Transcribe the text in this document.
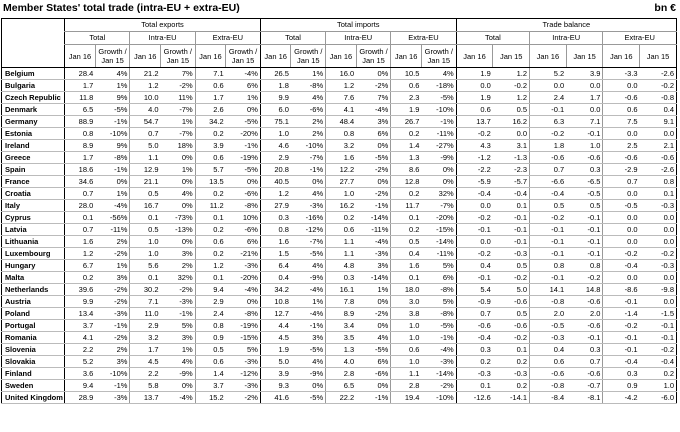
Member States' total trade (intra-EU + extra-EU)	bn €
	Total exports						Total imports						Trade balance					
	Total		Intra-EU		Extra-EU		Total		Intra-EU		Extra-EU		Total		Intra-EU		Extra-EU	
	Jan 16	Growth / Jan 15	Jan 16	Growth / Jan 15	Jan 16	Growth / Jan 15	Jan 16	Growth / Jan 15	Jan 16	Growth / Jan 15	Jan 16	Growth / Jan 15	Jan 16	Jan 15	Jan 16	Jan 15	Jan 16	Jan 15
Belgium	28.4	4%	21.2	7%	7.1	-4%	26.5	1%	16.0	0%	10.5	4%	1.9	1.2	5.2	3.9	-3.3	-2.6
Bulgaria	1.7	1%	1.2	-2%	0.6	6%	1.8	-8%	1.2	-2%	0.6	-18%	0.0	-0.2	0.0	0.0	0.0	-0.2
Czech Republic	11.8	9%	10.0	11%	1.7	1%	9.9	4%	7.6	7%	2.3	-5%	1.9	1.2	2.4	1.7	-0.6	-0.8
Denmark	6.5	-5%	4.0	-7%	2.6	0%	6.0	-6%	4.1	-4%	1.9	-10%	0.6	0.5	-0.1	0.0	0.6	0.4
Germany	88.9	-1%	54.7	1%	34.2	-5%	75.1	2%	48.4	3%	26.7	-1%	13.7	16.2	6.3	7.1	7.5	9.1
Estonia	0.8	-10%	0.7	-7%	0.2	-20%	1.0	2%	0.8	6%	0.2	-11%	-0.2	0.0	-0.2	-0.1	0.0	0.0
Ireland	8.9	9%	5.0	18%	3.9	-1%	4.6	-10%	3.2	0%	1.4	-27%	4.3	3.1	1.8	1.0	2.5	2.1
Greece	1.7	-8%	1.1	0%	0.6	-19%	2.9	-7%	1.6	-5%	1.3	-9%	-1.2	-1.3	-0.6	-0.6	-0.6	-0.6
Spain	18.6	-1%	12.9	1%	5.7	-5%	20.8	-1%	12.2	-2%	8.6	0%	-2.2	-2.3	0.7	0.3	-2.9	-2.6
France	34.6	0%	21.1	0%	13.5	0%	40.5	0%	27.7	0%	12.8	0%	-5.9	-5.7	-6.6	-6.5	0.7	0.8
Croatia	0.7	1%	0.5	4%	0.2	-6%	1.2	4%	1.0	-2%	0.2	32%	-0.4	-0.4	-0.4	-0.5	0.0	0.1
Italy	28.0	-4%	16.7	0%	11.2	-8%	27.9	-3%	16.2	-1%	11.7	-7%	0.0	0.1	0.5	0.5	-0.5	-0.3
Cyprus	0.1	-56%	0.1	-73%	0.1	10%	0.3	-16%	0.2	-14%	0.1	-20%	-0.2	-0.1	-0.2	-0.1	0.0	0.0
Latvia	0.7	-11%	0.5	-13%	0.2	-6%	0.8	-12%	0.6	-11%	0.2	-15%	-0.1	-0.1	-0.1	-0.1	0.0	0.0
Lithuania	1.6	2%	1.0	0%	0.6	6%	1.6	-7%	1.1	-4%	0.5	-14%	0.0	-0.1	-0.1	-0.1	0.0	0.0
Luxembourg	1.2	-2%	1.0	3%	0.2	-21%	1.5	-5%	1.1	-3%	0.4	-11%	-0.2	-0.3	-0.1	-0.1	-0.2	-0.2
Hungary	6.7	1%	5.6	2%	1.2	-3%	6.4	4%	4.8	3%	1.6	5%	0.4	0.5	0.8	0.8	-0.4	-0.3
Malta	0.2	3%	0.1	32%	0.1	-20%	0.4	-9%	0.3	-14%	0.1	6%	-0.1	-0.2	-0.1	-0.2	0.0	0.0
Netherlands	39.6	-2%	30.2	-2%	9.4	-4%	34.2	-4%	16.1	1%	18.0	-8%	5.4	5.0	14.1	14.8	-8.6	-9.8
Austria	9.9	-2%	7.1	-3%	2.9	0%	10.8	1%	7.8	0%	3.0	5%	-0.9	-0.6	-0.8	-0.6	-0.1	0.0
Poland	13.4	-3%	11.0	-1%	2.4	-8%	12.7	-4%	8.9	-2%	3.8	-8%	0.7	0.5	2.0	2.0	-1.4	-1.5
Portugal	3.7	-1%	2.9	5%	0.8	-19%	4.4	-1%	3.4	0%	1.0	-5%	-0.6	-0.6	-0.5	-0.6	-0.2	-0.1
Romania	4.1	-2%	3.2	3%	0.9	-15%	4.5	3%	3.5	4%	1.0	-1%	-0.4	-0.2	-0.3	-0.1	-0.1	-0.1
Slovenia	2.2	2%	1.7	1%	0.5	5%	1.9	-5%	1.3	-5%	0.6	-4%	0.3	0.1	0.4	0.3	-0.1	-0.2
Slovakia	5.2	3%	4.5	4%	0.6	-3%	5.0	4%	4.0	6%	1.0	-3%	0.2	0.2	0.6	0.7	-0.4	-0.4
Finland	3.6	-10%	2.2	-9%	1.4	-12%	3.9	-9%	2.8	-6%	1.1	-14%	-0.3	-0.3	-0.6	-0.6	0.3	0.2
Sweden	9.4	-1%	5.8	0%	3.7	-3%	9.3	0%	6.5	0%	2.8	-2%	0.1	0.2	-0.8	-0.7	0.9	1.0
United Kingdom	28.9	-3%	13.7	-4%	15.2	-2%	41.6	-5%	22.2	-1%	19.4	-10%	-12.6	-14.1	-8.4	-8.1	-4.2	-6.0
